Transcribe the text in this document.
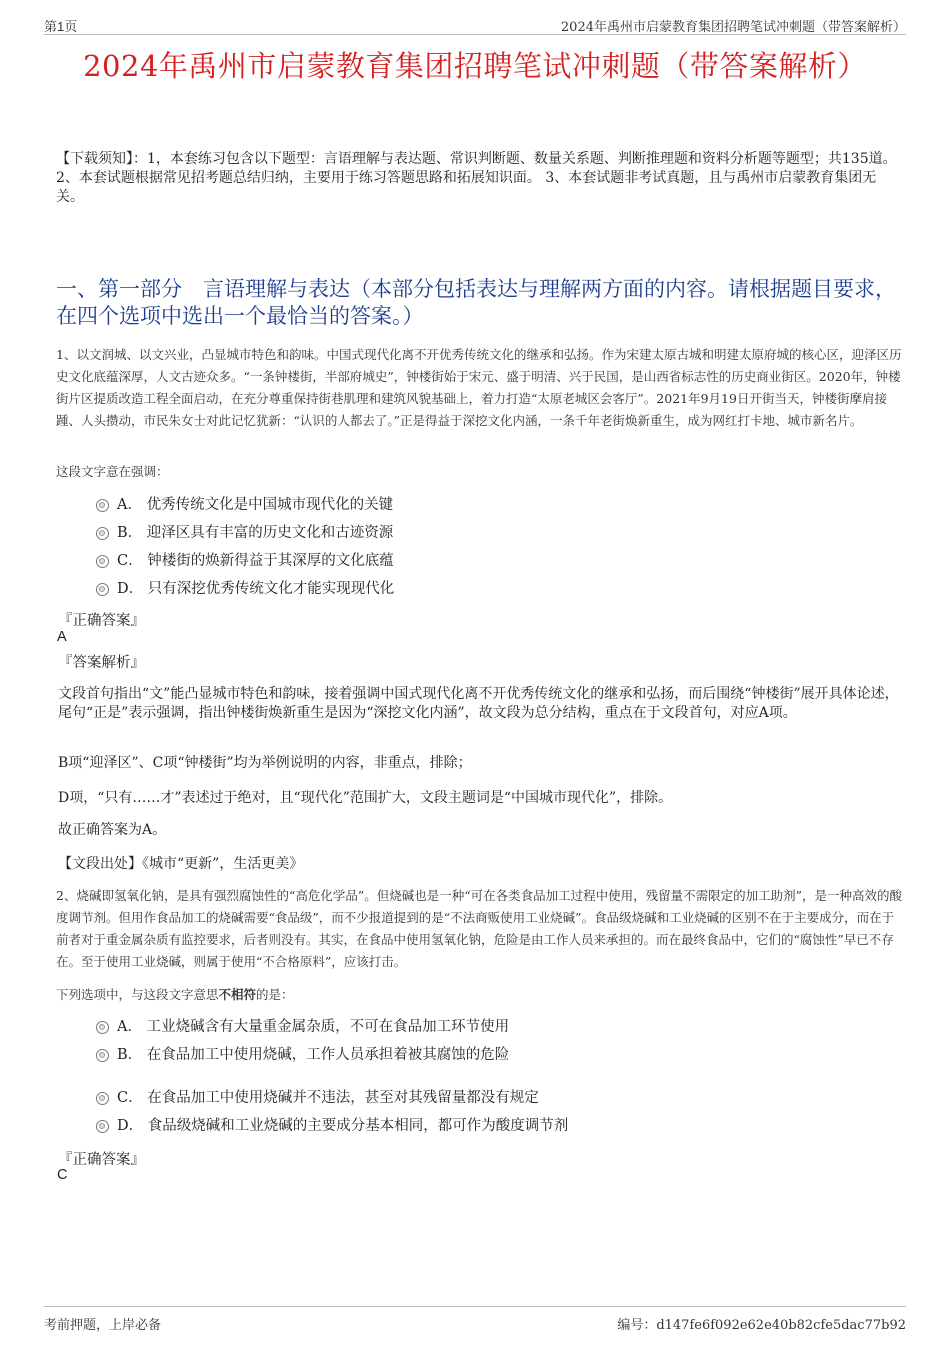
第1页	2024年禹州市启蒙教育集团招聘笔试冲刺题（带答案解析）
2024年禹州市启蒙教育集团招聘笔试冲刺题（带答案解析）
【下载须知】：1，本套练习包含以下题型：言语理解与表达题、常识判断题、数量关系题、判断推理题和资料分析题等题型；共135道。 2、本套试题根据常见招考题总结归纳，主要用于练习答题思路和拓展知识面。 3、本套试题非考试真题，且与禹州市启蒙教育集团无关。
一、第一部分　言语理解与表达（本部分包括表达与理解两方面的内容。请根据题目要求，在四个选项中选出一个最恰当的答案。）
1、以文润城、以文兴业，凸显城市特色和韵味。中国式现代化离不开优秀传统文化的继承和弘扬。作为宋建太原古城和明建太原府城的核心区，迎泽区历史文化底蕴深厚，人文古迹众多。“一条钟楼街，半部府城史”，钟楼街始于宋元、盛于明清、兴于民国，是山西省标志性的历史商业街区。2020年，钟楼街片区提质改造工程全面启动，在充分尊重保持街巷肌理和建筑风貌基础上，着力打造“太原老城区会客厅”。2021年9月19日开街当天，钟楼街摩肩接踵、人头攒动，市民朱女士对此记忆犹新：“认识的人都去了。”正是得益于深挖文化内涵，一条千年老街焕新重生，成为网红打卡地、城市新名片。
这段文字意在强调：
A． 优秀传统文化是中国城市现代化的关键
B． 迎泽区具有丰富的历史文化和古迹资源
C． 钟楼街的焕新得益于其深厚的文化底蕴
D． 只有深挖优秀传统文化才能实现现代化
『正确答案』
A
『答案解析』
文段首句指出“文”能凸显城市特色和韵味，接着强调中国式现代化离不开优秀传统文化的继承和弘扬，而后围绕“钟楼街”展开具体论述，尾句“正是”表示强调，指出钟楼街焕新重生是因为“深挖文化内涵”，故文段为总分结构，重点在于文段首句，对应A项。
B项“迎泽区”、C项“钟楼街”均为举例说明的内容，非重点，排除；
D项，“只有……才”表述过于绝对，且“现代化”范围扩大，文段主题词是“中国城市现代化”，排除。
故正确答案为A。
【文段出处】《城市“更新”，生活更美》
2、烧碱即氢氧化钠，是具有强烈腐蚀性的“高危化学品”。但烧碱也是一种“可在各类食品加工过程中使用，残留量不需限定的加工助剂”，是一种高效的酸度调节剂。但用作食品加工的烧碱需要“食品级”，而不少报道提到的是“不法商贩使用工业烧碱”。食品级烧碱和工业烧碱的区别不在于主要成分，而在于前者对于重金属杂质有监控要求，后者则没有。其实，在食品中使用氢氧化钠，危险是由工作人员来承担的。而在最终食品中，它们的“腐蚀性”早已不存在。至于使用工业烧碱，则属于使用“不合格原料”，应该打击。
下列选项中，与这段文字意思不相符的是：
A． 工业烧碱含有大量重金属杂质，不可在食品加工环节使用
B． 在食品加工中使用烧碱，工作人员承担着被其腐蚀的危险
C． 在食品加工中使用烧碱并不违法，甚至对其残留量都没有规定
D． 食品级烧碱和工业烧碱的主要成分基本相同，都可作为酸度调节剂
『正确答案』
C
考前押题，上岸必备	编号：d147fe6f092e62e40b82cfe5dac77b92
